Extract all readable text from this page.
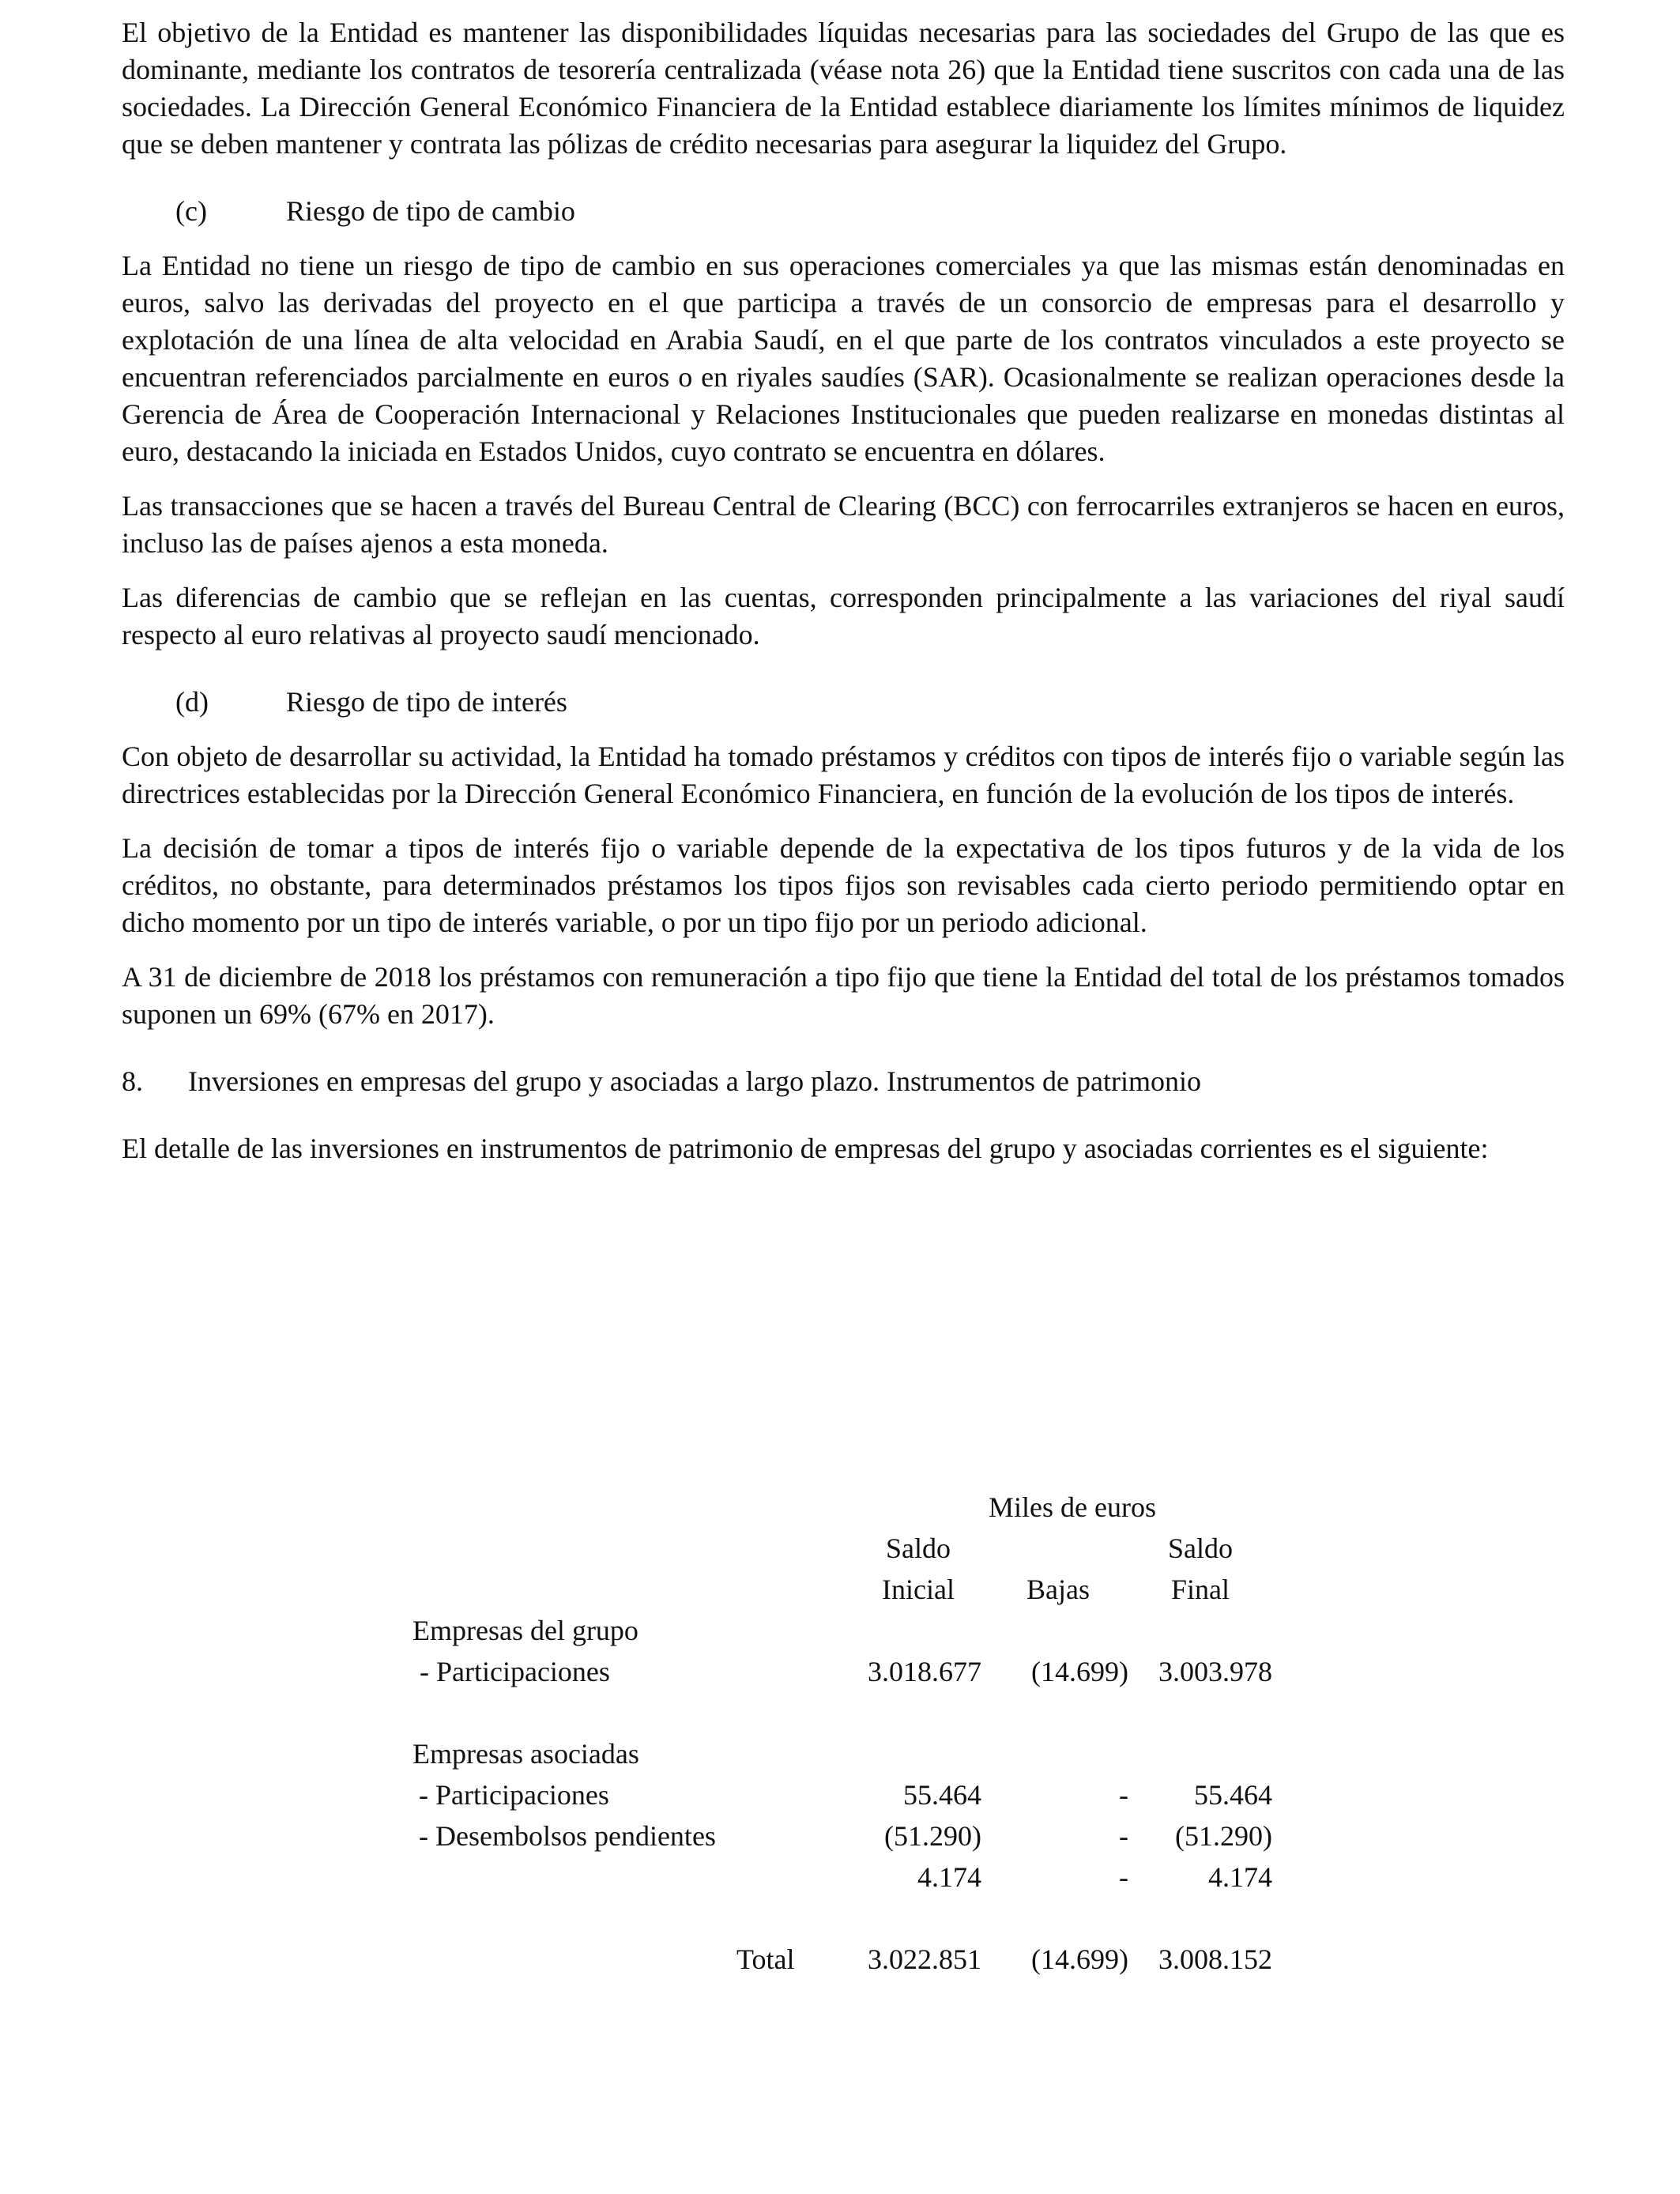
El objetivo de la Entidad es mantener las disponibilidades líquidas necesarias para las sociedades del Grupo de las que es dominante, mediante los contratos de tesorería centralizada (véase nota 26) que la Entidad tiene suscritos con cada una de las sociedades. La Dirección General Económico Financiera de la Entidad establece diariamente los límites mínimos de liquidez que se deben mantener y contrata las pólizas de crédito necesarias para asegurar la liquidez del Grupo.

(c)	Riesgo de tipo de cambio

La Entidad no tiene un riesgo de tipo de cambio en sus operaciones comerciales ya que las mismas están denominadas en euros, salvo las derivadas del proyecto en el que participa a través de un consorcio de empresas para el desarrollo y explotación de una línea de alta velocidad en Arabia Saudí, en el que parte de los contratos vinculados a este proyecto se encuentran referenciados parcialmente en euros o en riyales saudíes (SAR). Ocasionalmente se realizan operaciones desde la Gerencia de Área de Cooperación Internacional y Relaciones Institucionales que pueden realizarse en monedas distintas al euro, destacando la iniciada en Estados Unidos, cuyo contrato se encuentra en dólares.

Las transacciones que se hacen a través del Bureau Central de Clearing (BCC) con ferrocarriles extranjeros se hacen en euros, incluso las de países ajenos a esta moneda.

Las diferencias de cambio que se reflejan en las cuentas, corresponden principalmente a las variaciones del riyal saudí respecto al euro relativas al proyecto saudí mencionado.

(d)	Riesgo de tipo de interés

Con objeto de desarrollar su actividad, la Entidad ha tomado préstamos y créditos con tipos de interés fijo o variable según las directrices establecidas por la Dirección General Económico Financiera, en función de la evolución de los tipos de interés.

La decisión de tomar a tipos de interés fijo o variable depende de la expectativa de los tipos futuros y de la vida de los créditos, no obstante, para determinados préstamos los tipos fijos son revisables cada cierto periodo permitiendo optar en dicho momento por un tipo de interés variable, o por un tipo fijo por un periodo adicional.

A 31 de diciembre de 2018 los préstamos con remuneración a tipo fijo que tiene la Entidad del total de los préstamos tomados suponen un 69% (67% en 2017).

8.	Inversiones en empresas del grupo y asociadas a largo plazo. Instrumentos de patrimonio

El detalle de las inversiones en instrumentos de patrimonio de empresas del grupo y asociadas corrientes es el siguiente:

Miles de euros
Saldo	Saldo
Inicial	Bajas	Final
Empresas del grupo
- Participaciones	3.018.677 (14.699) 3.003.978
Empresas asociadas
- Participaciones	55.464	- 55.464
- Desembolsos pendientes	(51.290)	- (51.290)
4.174	-	4.174
Total	3.022.851 (14.699) 3.008.152
